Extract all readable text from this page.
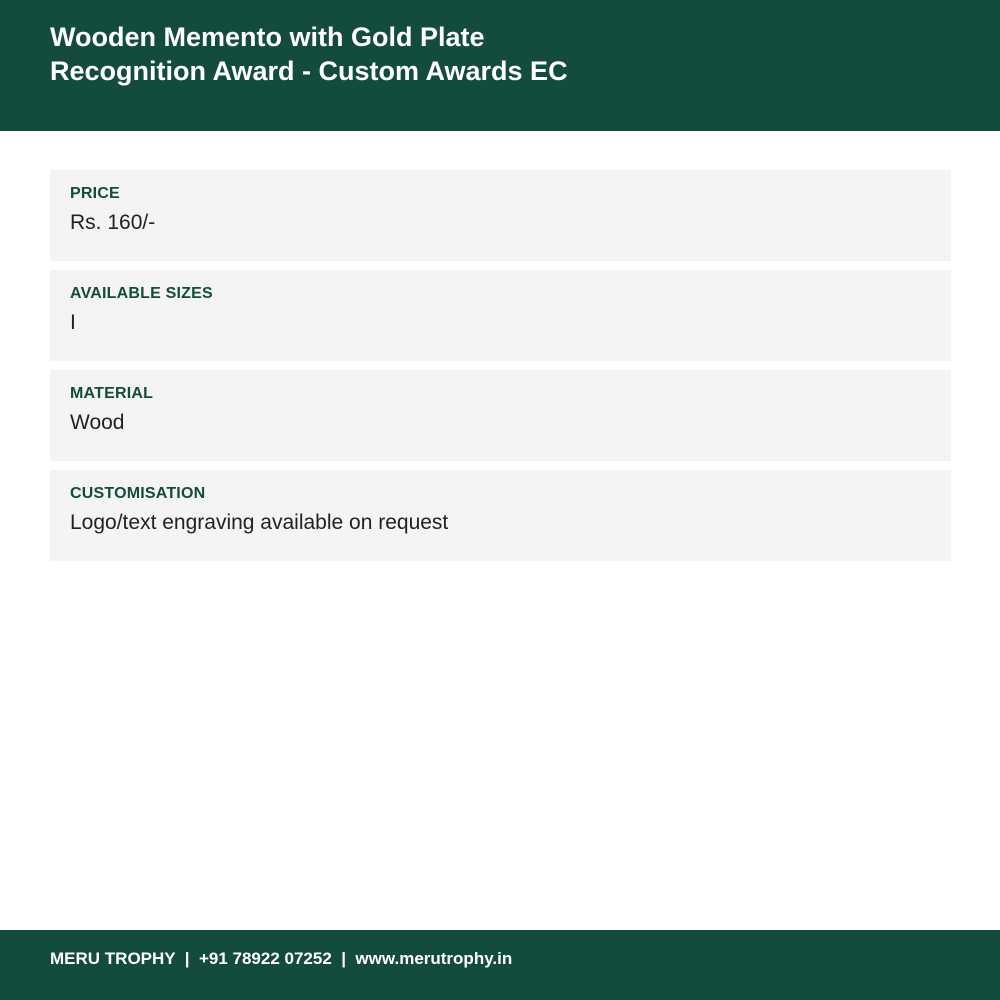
Wooden Memento with Gold Plate
Recognition Award - Custom Awards EC
PRICE
Rs. 160/-
AVAILABLE SIZES
I
MATERIAL
Wood
CUSTOMISATION
Logo/text engraving available on request
MERU TROPHY  |  +91 78922 07252  |  www.merutrophy.in
